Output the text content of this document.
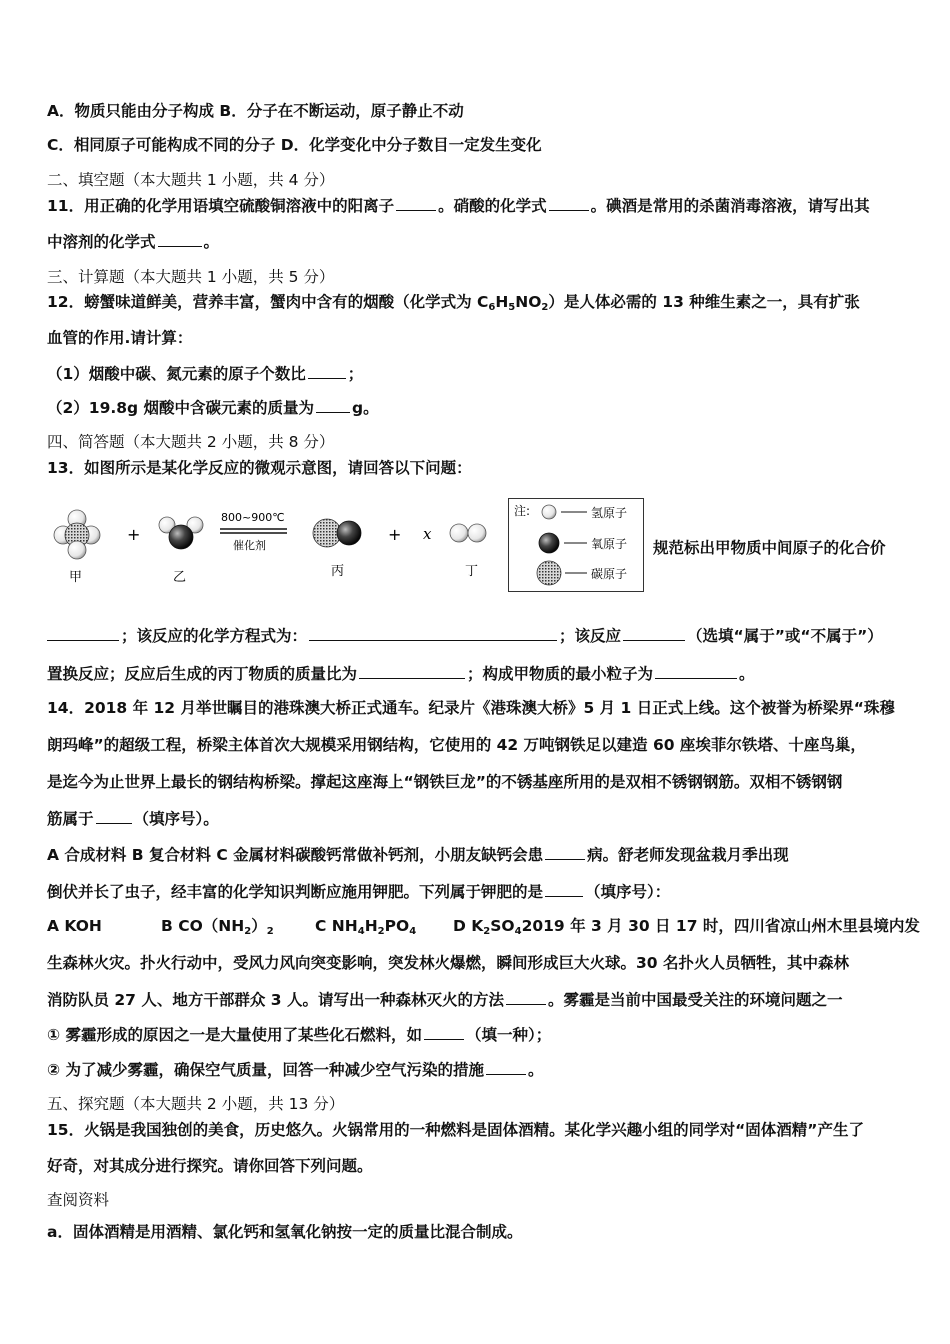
A．物质只能由分子构成 B．分子在不断运动，原子静止不动
C．相同原子可能构成不同的分子 D．化学变化中分子数目一定发生变化
二、填空题（本大题共 1 小题，共 4 分）
11．用正确的化学用语填空硫酸铜溶液中的阳离子	。硝酸的化学式	。碘酒是常用的杀菌消毒溶液，请写出其
中溶剂的化学式	。
三、计算题（本大题共 1 小题，共 5 分）
12．螃蟹味道鲜美，营养丰富，蟹肉中含有的烟酸（化学式为 $C_6H_5NO_2$）是人体必需的 13 种维生素之一，具有扩张
血管的作用.请计算：
（1）烟酸中碳、氮元素的原子个数比	；
（2）19.8g 烟酸中含碳元素的质量为 g。
四、简答题（本大题共 2 小题，共 8 分）
13．如图所示是某化学反应的微观示意图，请回答以下问题：
甲
+
乙
800~900℃
催化剂
丙
+ x
丁
注:	氢原子
氧原子
碳原子
规范标出甲物质中间原子的化合价
；该反应的化学方程式为：	；该反应	（选填“属于”或“不属于”）
置换反应；反应后生成的丙丁物质的质量比为	；构成甲物质的最小粒子为	。
14．2018 年 12 月举世瞩目的港珠澳大桥正式通车。纪录片《港珠澳大桥》5 月 1 日正式上线。这个被誉为桥梁界“珠穆
朗玛峰”的超级工程，桥梁主体首次大规模采用钢结构，它使用的 42 万吨钢铁足以建造 60 座埃菲尔铁塔、十座鸟巢，
是迄今为止世界上最长的钢结构桥梁。撑起这座海上“钢铁巨龙”的不锈基座所用的是双相不锈钢钢筋。双相不锈钢钢
筋属于	（填序号）。
A 合成材料 B 复合材料 C 金属材料碳酸钙常做补钙剂，小朋友缺钙会患	病。舒老师发现盆栽月季出现
倒伏并长了虫子，经丰富的化学知识判断应施用钾肥。下列属于钾肥的是	（填序号）：
A KOH	B $CO(NH_2)_2$	C $NH_4H_2PO_4$ D $K_2SO_42019$ 年 3 月 30 日 17 时，四川省凉山州木里县境内发
生森林火灾。扑火行动中，受风力风向突变影响，突发林火爆燃，瞬间形成巨大火球。30 名扑火人员牺牲，其中森林
消防队员 27 人、地方干部群众 3 人。请写出一种森林灭火的方法	。雾霾是当前中国最受关注的环境问题之一
① 雾霾形成的原因之一是大量使用了某些化石燃料，如	（填一种）；
② 为了减少雾霾，确保空气质量，回答一种减少空气污染的措施	。
五、探究题（本大题共 2 小题，共 13 分）
15．火锅是我国独创的美食，历史悠久。火锅常用的一种燃料是固体酒精。某化学兴趣小组的同学对“固体酒精”产生了
好奇，对其成分进行探究。请你回答下列问题。
查阅资料
a．固体酒精是用酒精、氯化钙和氢氧化钠按一定的质量比混合制成。
